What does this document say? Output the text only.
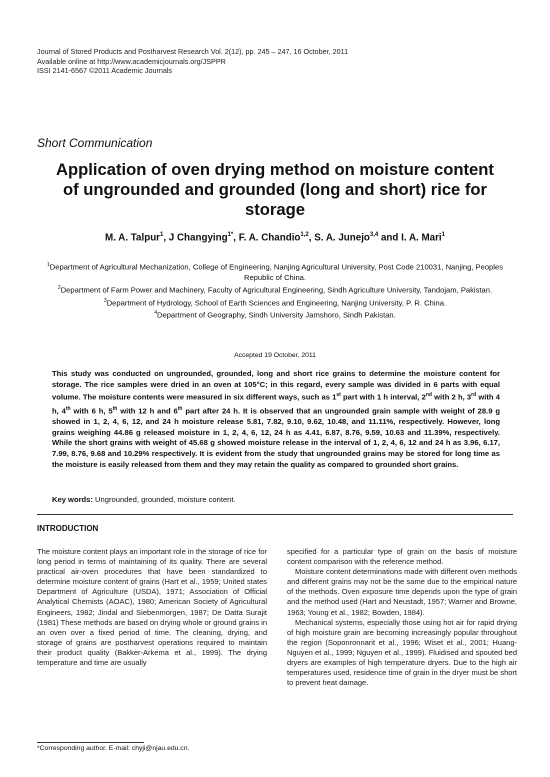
Journal of Stored Products and Postharvest Research Vol. 2(12), pp. 245 – 247, 16 October, 2011
Available online at http://www.academicjournals.org/JSPPR
ISSI 2141-6567 ©2011 Academic Journals
Short Communication
Application of oven drying method on moisture content
of ungrounded and grounded (long and short) rice for
storage
M. A. Talpur$^1$, J Changying$^{1*}$, F. A. Chandio$^{1,2}$, S. A. Junejo$^{3,4}$ and I. A. Mari$^1$
$^1$Department of Agricultural Mechanization, College of Engineering, Nanjing Agricultural University, Post Code 210031, Nanjing, Peoples Republic of China.
$^2$Department of Farm Power and Machinery, Faculty of Agricultural Engineering, Sindh Agriculture University, Tandojam, Pakistan.
$^3$Department of Hydrology, School of Earth Sciences and Engineering, Nanjing University, P. R. China.
$^4$Department of Geography, Sindh University Jamshoro, Sindh Pakistan.
Accepted 19 October, 2011
This study was conducted on ungrounded, grounded, long and short rice grains to determine the moisture content for storage. The rice samples were dried in an oven at 105°C; in this regard, every sample was divided in 6 parts with equal volume. The moisture contents were measured in six different ways, such as 1st part with 1 h interval, 2nd with 2 h, 3rd with 4 h, 4th with 6 h, 5th with 12 h and 6th part after 24 h. It is observed that an ungrounded grain sample with weight of 28.9 g showed in 1, 2, 4, 6, 12, and 24 h moisture release 5.81, 7.82, 9.10, 9.62, 10.48, and 11.11%, respectively. However, long grains weighing 44.86 g released moisture in 1, 2, 4, 6, 12, 24 h as 4.41, 6.87, 8.76, 9.59, 10.63 and 11.39%, respectively. While the short grains with weight of 45.68 g showed moisture release in the interval of 1, 2, 4, 6, 12 and 24 h as 3.96, 6.17, 7.99, 8.76, 9.68 and 10.29% respectively. It is evident from the study that ungrounded grains may be stored for long time as the moisture is easily released from them and they may retain the quality as compared to grounded short grains.
Key words: Ungrounded, grounded, moisture content.
INTRODUCTION

The moisture content plays an important role in the storage of rice for long period in terms of maintaining of its quality. There are several practical air-oven procedures that have been standardized to determine moisture content of grains (Hart et al., 1959; United states Department of Agriculture (USDA), 1971; Association of Official Analytical Chemists (AOAC), 1980; American Society of Agricultural Engineers, 1982; Jindal and Siebenmorgen, 1987; De Datta Surajit (1981) These methods are based on drying whole or ground grains in an oven over a fixed period of time. The cleaning, drying, and storage of grains are postharvest operations required to maintain their product quality (Bakker-Arkema et al., 1999). The drying temperature and time are usually

specified for a particular type of grain on the basis of moisture content comparison with the reference method.

Moisture content determinations made with different oven methods and different grains may not be the same due to the empirical nature of the methods. Oven exposure time depends upon the type of grain and the method used (Hart and Neustadt, 1957; Warner and Browne, 1963; Young et al., 1982; Bowden, 1984).

Mechanical systems, especially those using hot air for rapid drying of high moisture grain are becoming increasingly popular throughout the region (Soponronnarit et al., 1996; Wiset et al., 2001; Huang-Nguyen et al., 1999; Nguyen et al., 1999). Fluidised and spouted bed dryers are examples of high temperature dryers. Due to the high air temperatures used, residence time of grain in the dryer must be short to prevent heat damage.

*Corresponding author. E-mail: chyji@njau.edu.cn.
